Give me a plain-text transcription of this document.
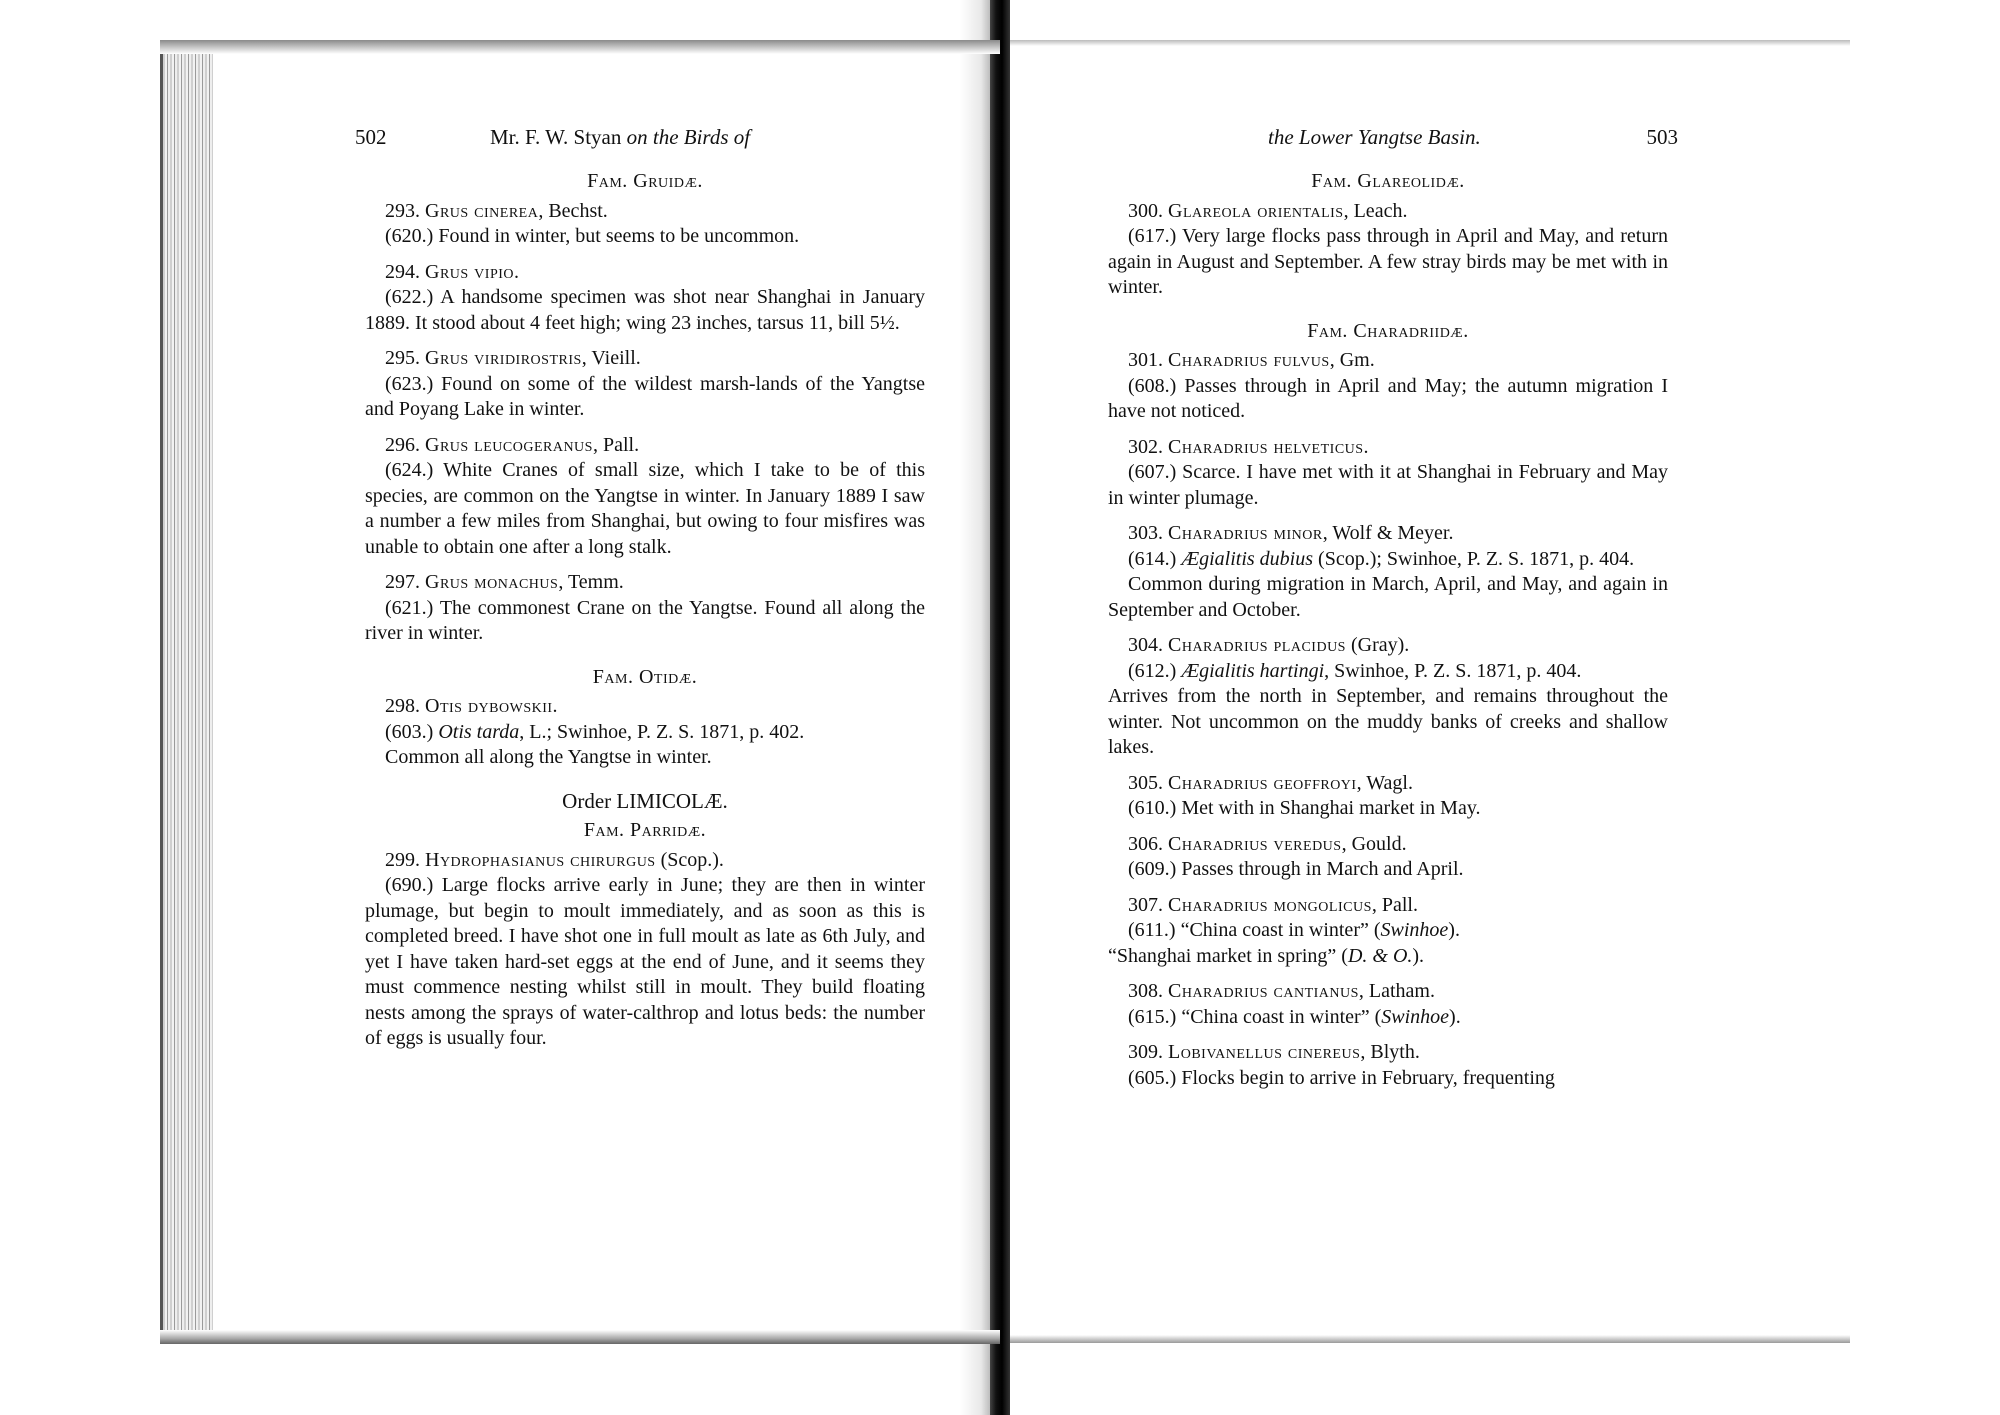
502	Mr. F. W. Styan on the Birds of
Fam. Gruidæ.
293. Grus cinerea, Bechst.
(620.) Found in winter, but seems to be uncommon.
294. Grus vipio.
(622.) A handsome specimen was shot near Shanghai in January 1889. It stood about 4 feet high; wing 23 inches, tarsus 11, bill 5½.
295. Grus viridirostris, Vieill.
(623.) Found on some of the wildest marsh-lands of the Yangtse and Poyang Lake in winter.
296. Grus leucogeranus, Pall.
(624.) White Cranes of small size, which I take to be of this species, are common on the Yangtse in winter. In January 1889 I saw a number a few miles from Shanghai, but owing to four misfires was unable to obtain one after a long stalk.
297. Grus monachus, Temm.
(621.) The commonest Crane on the Yangtse. Found all along the river in winter.
Fam. Otidæ.
298. Otis dybowskii.
(603.) Otis tarda, L.; Swinhoe, P. Z. S. 1871, p. 402.
Common all along the Yangtse in winter.
Order LIMICOLÆ.
Fam. Parridæ.
299. Hydrophasianus chirurgus (Scop.).
(690.) Large flocks arrive early in June; they are then in winter plumage, but begin to moult immediately, and as soon as this is completed breed. I have shot one in full moult as late as 6th July, and yet I have taken hard-set eggs at the end of June, and it seems they must commence nesting whilst still in moult. They build floating nests among the sprays of water-calthrop and lotus beds: the number of eggs is usually four.
the Lower Yangtse Basin.	503
Fam. Glareolidæ.
300. Glareola orientalis, Leach.
(617.) Very large flocks pass through in April and May, and return again in August and September. A few stray birds may be met with in winter.
Fam. Charadriidæ.
301. Charadrius fulvus, Gm.
(608.) Passes through in April and May; the autumn migration I have not noticed.
302. Charadrius helveticus.
(607.) Scarce. I have met with it at Shanghai in February and May in winter plumage.
303. Charadrius minor, Wolf & Meyer.
(614.) Ægialitis dubius (Scop.); Swinhoe, P. Z. S. 1871, p. 404.
Common during migration in March, April, and May, and again in September and October.
304. Charadrius placidus (Gray).
(612.) Ægialitis hartingi, Swinhoe, P. Z. S. 1871, p. 404.
Arrives from the north in September, and remains throughout the winter. Not uncommon on the muddy banks of creeks and shallow lakes.
305. Charadrius geoffroyi, Wagl.
(610.) Met with in Shanghai market in May.
306. Charadrius veredus, Gould.
(609.) Passes through in March and April.
307. Charadrius mongolicus, Pall.
(611.) “China coast in winter” (Swinhoe).
“Shanghai market in spring” (D. & O.).
308. Charadrius cantianus, Latham.
(615.) “China coast in winter” (Swinhoe).
309. Lobivanellus cinereus, Blyth.
(605.) Flocks begin to arrive in February, frequenting
